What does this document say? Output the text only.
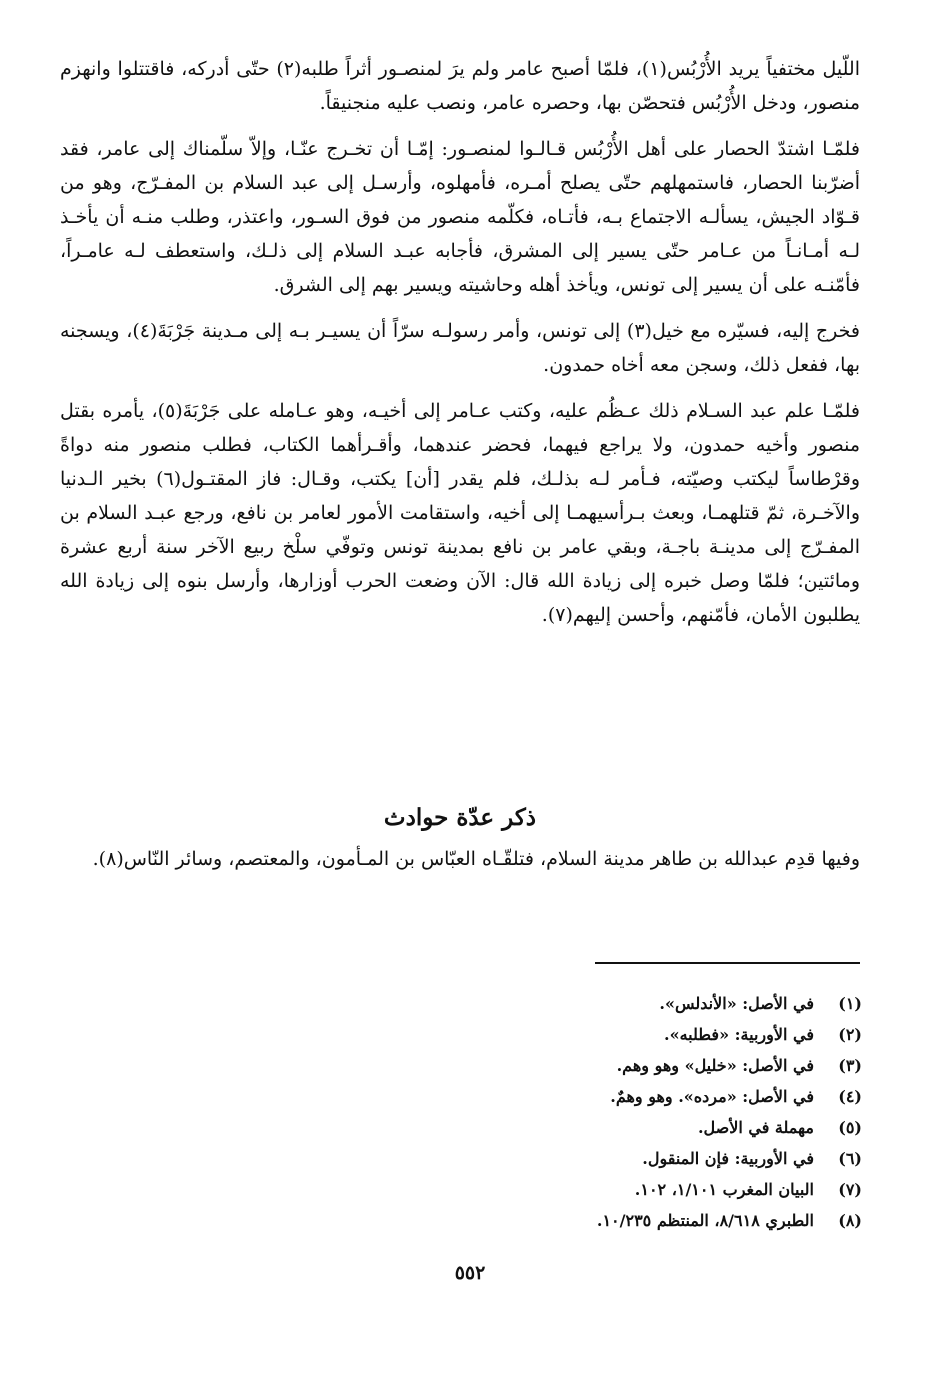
اللّيل مختفياً يريد الأُرْبُس(١)، فلمّا أصبح عامر ولم يرَ لمنصـور أثراً طلبه(٢) حتّى أدركه، فاقتتلوا وانهزم منصور، ودخل الأُرْبُس فتحصّن بها، وحصره عامر، ونصب عليه منجنيقاً.

فلمّـا اشتدّ الحصار على أهل الأُرْبُس قـالـوا لمنصـور: إمّـا أن تخـرج عنّـا، وإلاّ سلّمناك إلى عامر، فقد أضرّبنا الحصار، فاستمهلهم حتّى يصلح أمـره، فأمهلوه، وأرسـل إلى عبد السلام بن المفـرّج، وهو من قـوّاد الجيش، يسألـه الاجتماع بـه، فأتـاه، فكلّمه منصور من فوق السـور، واعتذر، وطلب منـه أن يأخـذ لـه أمـانـاً من عـامر حتّى يسير إلى المشرق، فأجابه عبـد السلام إلى ذلـك، واستعطف لـه عامـراً، فأمّنـه على أن يسير إلى تونس، ويأخذ أهله وحاشيته ويسير بهم إلى الشرق.

فخرج إليه، فسيّره مع خيل(٣) إلى تونس، وأمر رسولـه سرّاً أن يسيـر بـه إلى مـدينة جَرْبَةَ(٤)، ويسجنه بها، ففعل ذلك، وسجن معه أخاه حمدون.

فلمّـا علم عبد السـلام ذلك عـظُم عليه، وكتب عـامر إلى أخيـه، وهو عـامله على جَرْبَةَ(٥)، يأمره بقتل منصور وأخيه حمدون، ولا يراجع فيهما، فحضر عندهما، وأقـرأهما الكتاب، فطلب منصور منه دواةً وقرْطاساً ليكتب وصيّته، فـأمر لـه بذلـك، فلم يقدر [أن] يكتب، وقـال: فاز المقتـول(٦) بخير الـدنيا والآخـرة، ثمّ قتلهمـا، وبعث بـرأسيهمـا إلى أخيه، واستقامت الأمور لعامر بن نافع، ورجع عبـد السلام بن المفـرّج إلى مدينـة باجـة، وبقي عامر بن نافع بمدينة تونس وتوفّي سلْخ ربيع الآخر سنة أربع عشرة ومائتين؛ فلمّا وصل خبره إلى زيادة الله قال: الآن وضعت الحرب أوزارها، وأرسل بنوه إلى زيادة الله يطلبون الأمان، فأمّنهم، وأحسن إليهم(٧).

ذكر عدّة حوادث

وفيها قدِم عبدالله بن طاهر مدينة السلام، فتلقّـاه العبّاس بن المـأمون، والمعتصم، وسائر النّاس(٨).

(١)
في الأصل: «الأندلس».
(٢)
في الأوربية: «فطلبه».
(٣)
في الأصل: «خليل» وهو وهم.
(٤)
في الأصل: «مرده». وهو وهمٌ.
(٥)
مهملة في الأصل.
(٦)
في الأوربية: فإن المنقول.
(٧)
البيان المغرب ١/١٠١، ١٠٢.
(٨)
الطبري ٨/٦١٨، المنتظم ١٠/٢٣٥.
٥٥٢
